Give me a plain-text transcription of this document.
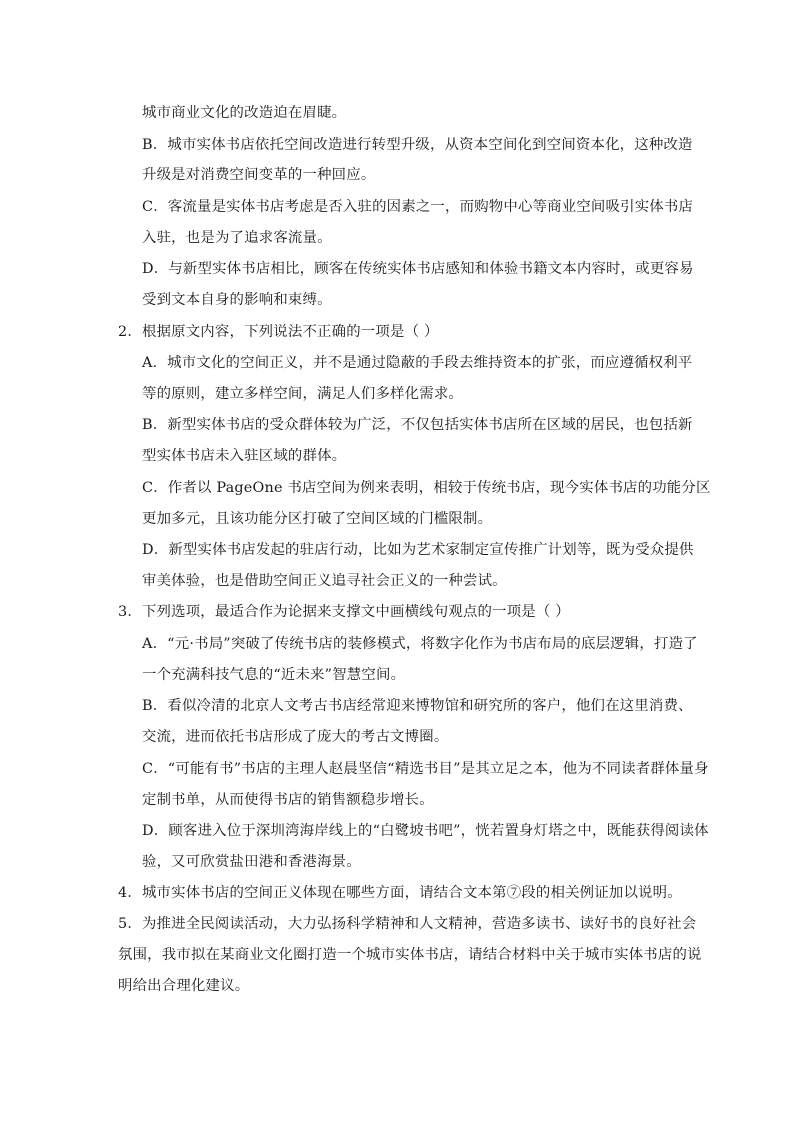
城市商业文化的改造迫在眉睫。
B．城市实体书店依托空间改造进行转型升级，从资本空间化到空间资本化，这种改造
升级是对消费空间变革的一种回应。
C．客流量是实体书店考虑是否入驻的因素之一，而购物中心等商业空间吸引实体书店
入驻，也是为了追求客流量。
D．与新型实体书店相比，顾客在传统实体书店感知和体验书籍文本内容时，或更容易
受到文本自身的影响和束缚。
2．根据原文内容，下列说法不正确的一项是（ ）
A．城市文化的空间正义，并不是通过隐蔽的手段去维持资本的扩张，而应遵循权利平
等的原则，建立多样空间，满足人们多样化需求。
B．新型实体书店的受众群体较为广泛，不仅包括实体书店所在区域的居民，也包括新
型实体书店未入驻区域的群体。
C．作者以 PageOne 书店空间为例来表明，相较于传统书店，现今实体书店的功能分区
更加多元，且该功能分区打破了空间区域的门槛限制。
D．新型实体书店发起的驻店行动，比如为艺术家制定宣传推广计划等，既为受众提供
审美体验，也是借助空间正义追寻社会正义的一种尝试。
3．下列选项，最适合作为论据来支撑文中画横线句观点的一项是（ ）
A．“元·书局”突破了传统书店的装修模式，将数字化作为书店布局的底层逻辑，打造了
一个充满科技气息的“近未来”智慧空间。
B．看似冷清的北京人文考古书店经常迎来博物馆和研究所的客户，他们在这里消费、
交流，进而依托书店形成了庞大的考古文博圈。
C．“可能有书”书店的主理人赵晨坚信“精选书目”是其立足之本，他为不同读者群体量身
定制书单，从而使得书店的销售额稳步增长。
D．顾客进入位于深圳湾海岸线上的“白鹭坡书吧”，恍若置身灯塔之中，既能获得阅读体
验，又可欣赏盐田港和香港海景。
4．城市实体书店的空间正义体现在哪些方面，请结合文本第⑦段的相关例证加以说明。
5．为推进全民阅读活动，大力弘扬科学精神和人文精神，营造多读书、读好书的良好社会
氛围，我市拟在某商业文化圈打造一个城市实体书店，请结合材料中关于城市实体书店的说
明给出合理化建议。
